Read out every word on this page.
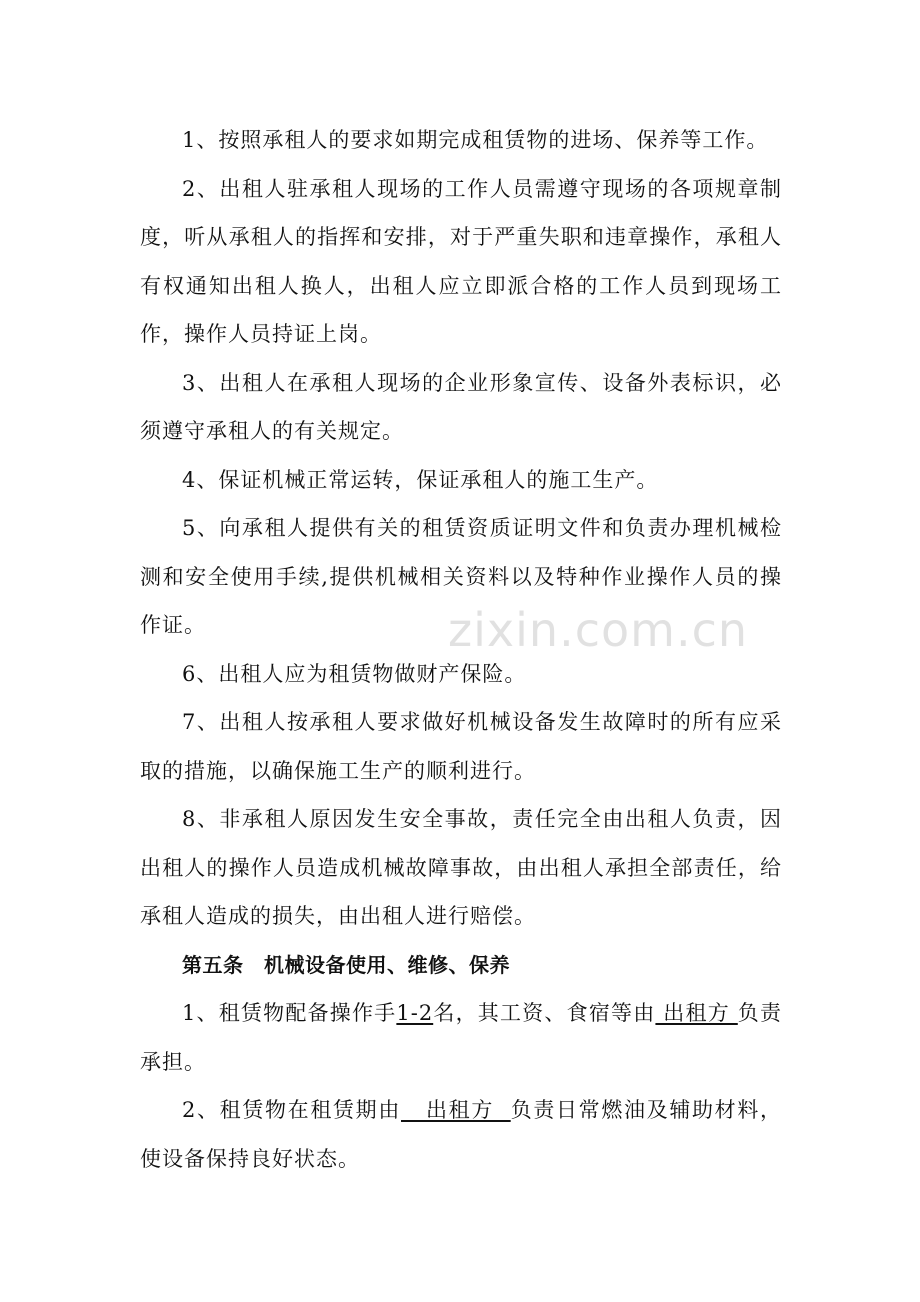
1、按照承租人的要求如期完成租赁物的进场、保养等工作。

2、出租人驻承租人现场的工作人员需遵守现场的各项规章制度，听从承租人的指挥和安排，对于严重失职和违章操作，承租人有权通知出租人换人，出租人应立即派合格的工作人员到现场工作，操作人员持证上岗。

3、出租人在承租人现场的企业形象宣传、设备外表标识，必须遵守承租人的有关规定。

4、保证机械正常运转，保证承租人的施工生产。

5、向承租人提供有关的租赁资质证明文件和负责办理机械检测和安全使用手续,提供机械相关资料以及特种作业操作人员的操作证。

6、出租人应为租赁物做财产保险。

7、出租人按承租人要求做好机械设备发生故障时的所有应采取的措施，以确保施工生产的顺利进行。

8、非承租人原因发生安全事故，责任完全由出租人负责，因出租人的操作人员造成机械故障事故，由出租人承担全部责任，给承租人造成的损失，由出租人进行赔偿。

第五条　机械设备使用、维修、保养

1、租赁物配备操作手1-2名，其工资、食宿等由 出租方 负责承担。

2、租赁物在租赁期由   出租方  负责日常燃油及辅助材料，使设备保持良好状态。

zixin.com.cn
